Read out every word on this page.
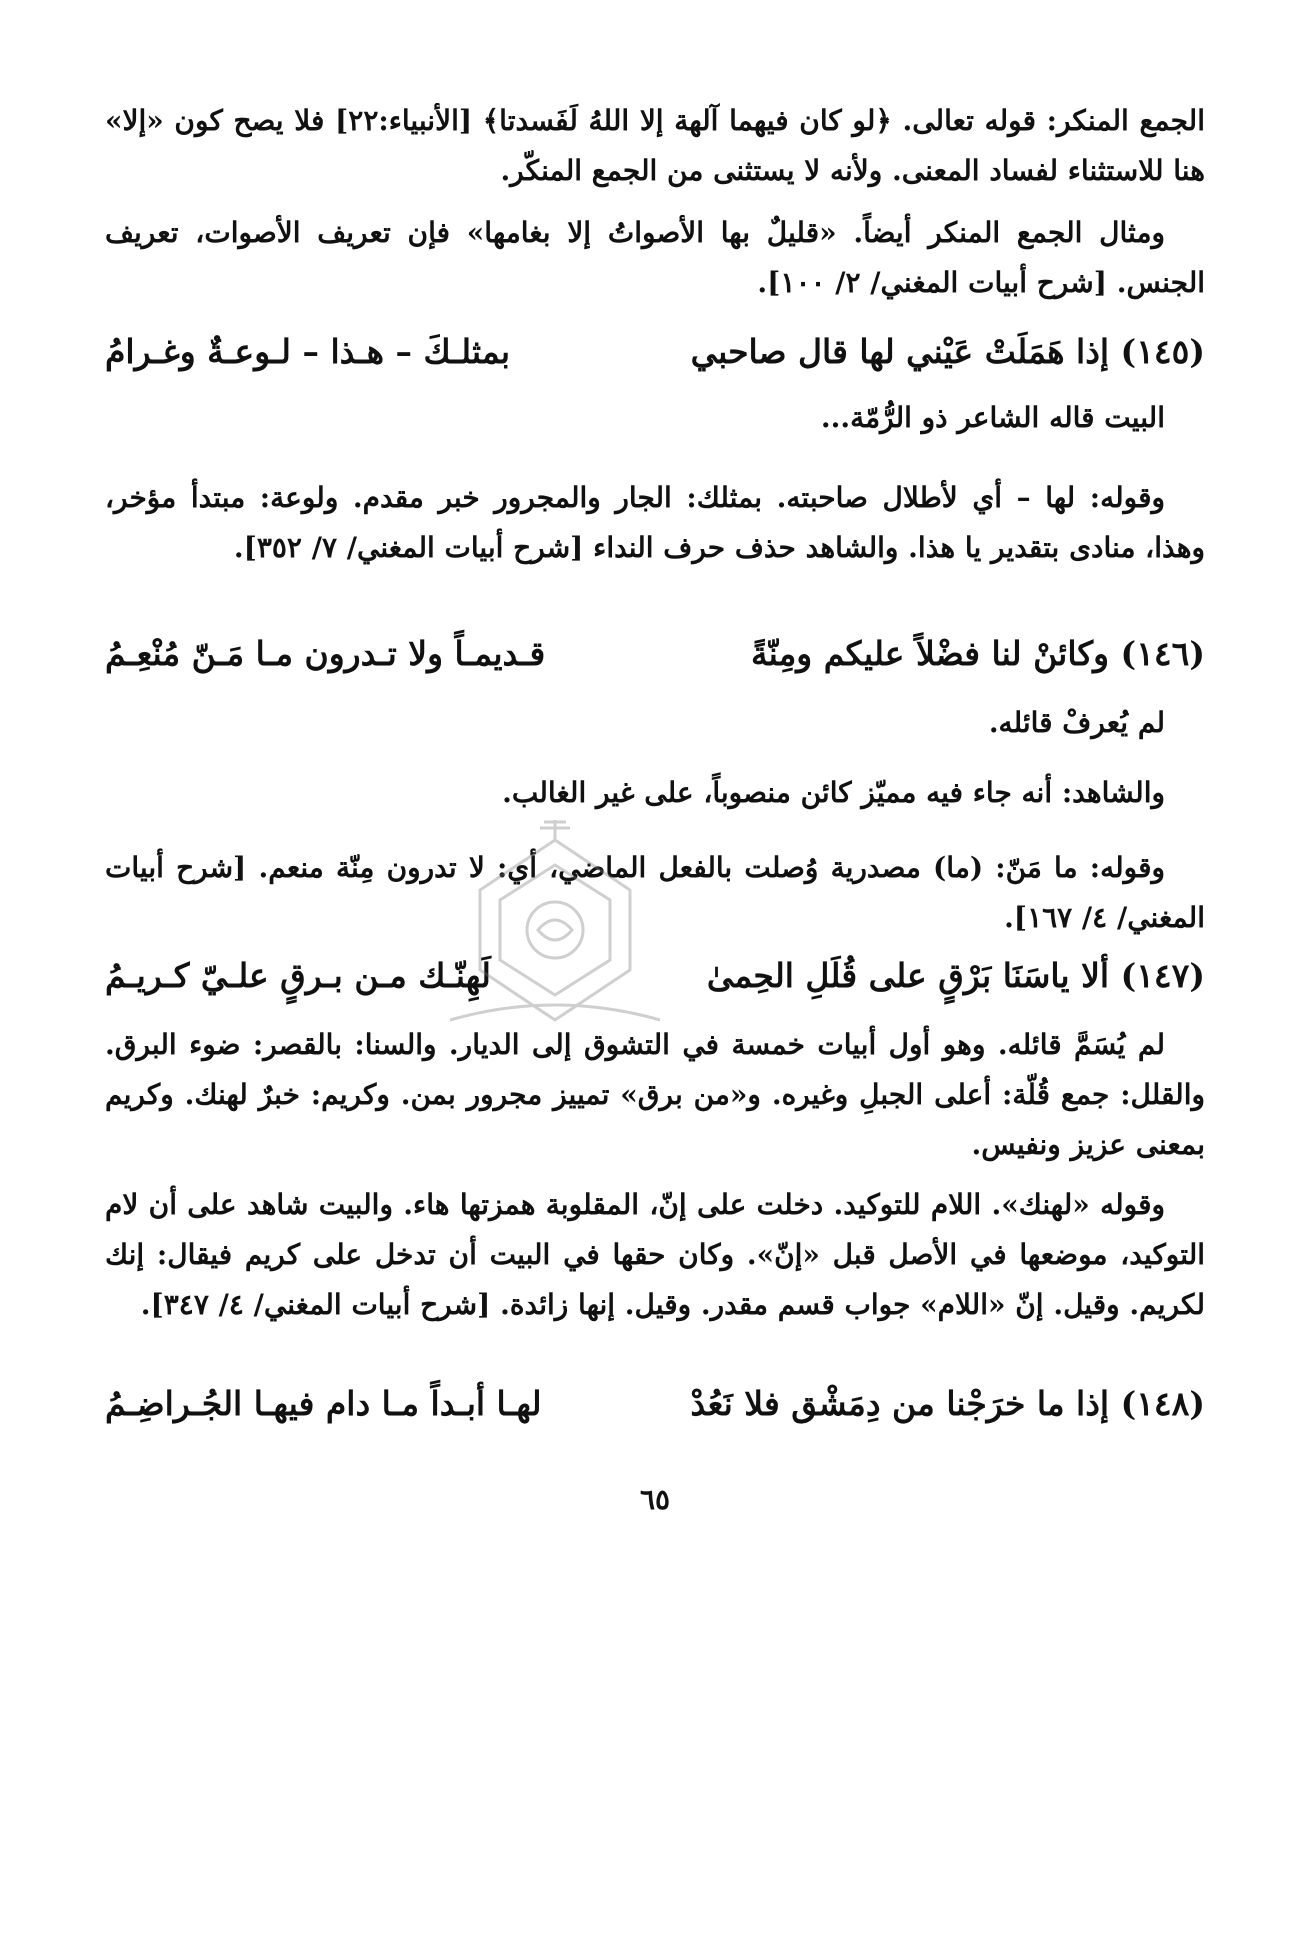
الجمع المنكر: قوله تعالى. ﴿لو كان فيهما آلهة إلا اللهُ لَفَسدتا﴾ [الأنبياء:٢٢] فلا يصح كون «إلا» هنا للاستثناء لفساد المعنى. ولأنه لا يستثنى من الجمع المنكّر.

ومثال الجمع المنكر أيضاً. «قليلٌ بها الأصواتُ إلا بغامها» فإن تعريف الأصوات، تعريف الجنس. [شرح أبيات المغني/ ٢/ ١٠٠].

(١٤٥) إذا هَمَلَتْ عَيْني لها قال صاحبي
بمثلـكَ – هـذا – لـوعـةٌ وغـرامُ

البيت قاله الشاعر ذو الرُّمّة...

وقوله: لها – أي لأطلال صاحبته. بمثلك: الجار والمجرور خبر مقدم. ولوعة: مبتدأ مؤخر، وهذا، منادى بتقدير يا هذا. والشاهد حذف حرف النداء [شرح أبيات المغني/ ٧/ ٣٥٢].

(١٤٦) وكائنْ لنا فضْلاً عليكم ومِنّةً
قـديمـاً ولا تـدرون مـا مَـنّ مُنْعِـمُ

لم يُعرفْ قائله.

والشاهد: أنه جاء فيه مميّز كائن منصوباً، على غير الغالب.

وقوله: ما مَنّ: (ما) مصدرية وُصلت بالفعل الماضي، أي: لا تدرون مِنّة منعم. [شرح أبيات المغني/ ٤/ ١٦٧].

(١٤٧) ألا ياسَنَا بَرْقٍ على قُلَلِ الحِمىٰ
لَهِنّـك مـن بـرقٍ علـيّ كـريـمُ

لم يُسَمَّ قائله. وهو أول أبيات خمسة في التشوق إلى الديار. والسنا: بالقصر: ضوء البرق. والقلل: جمع قُلّة: أعلى الجبلِ وغيره. و«من برق» تمييز مجرور بمن. وكريم: خبرٌ لهنك. وكريم بمعنى عزيز ونفيس.

وقوله «لهنك». اللام للتوكيد. دخلت على إنّ، المقلوبة همزتها هاء. والبيت شاهد على أن لام التوكيد، موضعها في الأصل قبل «إنّ». وكان حقها في البيت أن تدخل على كريم فيقال: إنك لكريم. وقيل. إنّ «اللام» جواب قسم مقدر. وقيل. إنها زائدة. [شرح أبيات المغني/ ٤/ ٣٤٧].

(١٤٨) إذا ما خرَجْنا من دِمَشْق فلا نَعُدْ
لهـا أبـداً مـا دام فيهـا الجُـراضِـمُ
٦٥
